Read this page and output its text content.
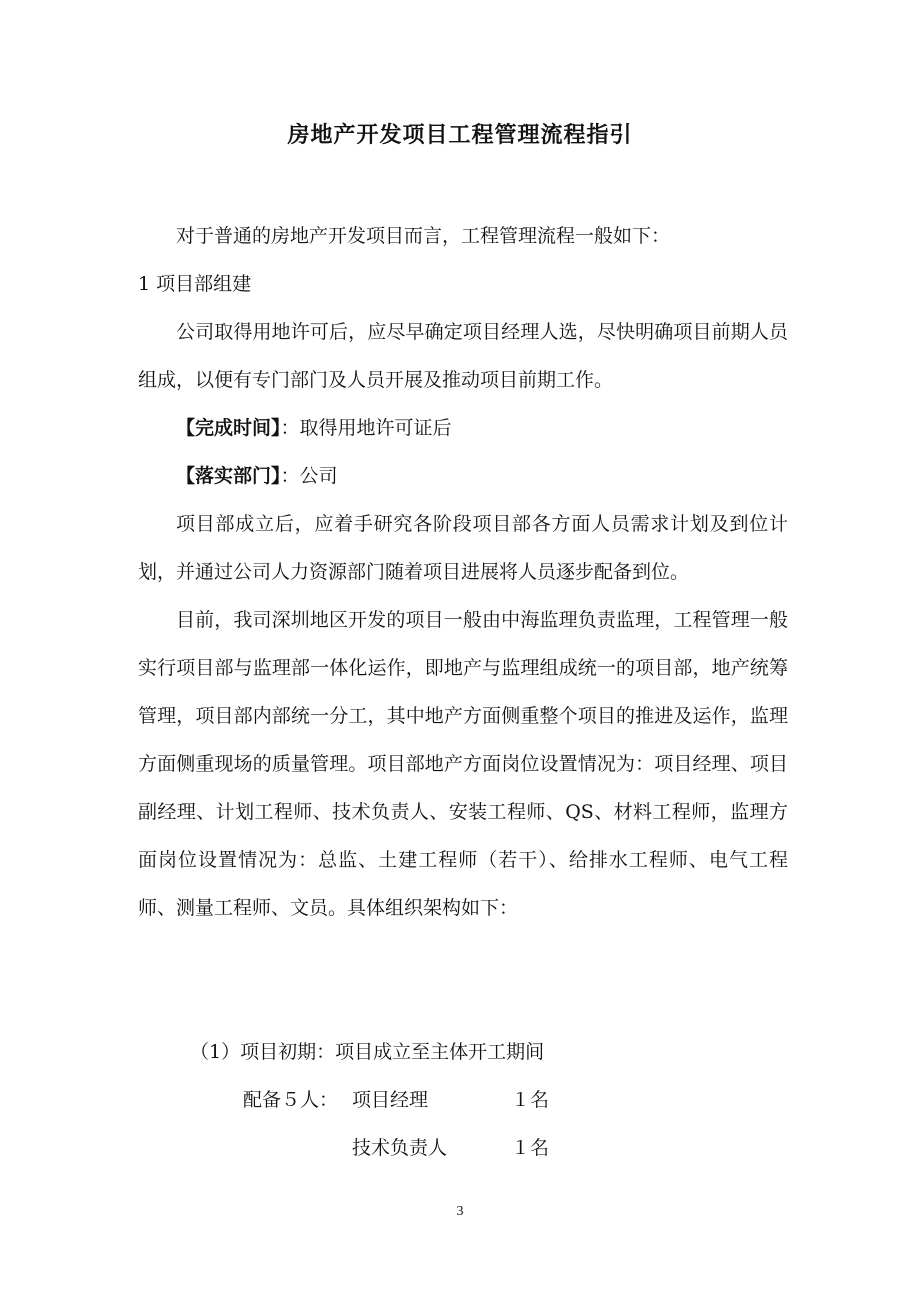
房地产开发项目工程管理流程指引

对于普通的房地产开发项目而言，工程管理流程一般如下：

1 项目部组建

公司取得用地许可后，应尽早确定项目经理人选，尽快明确项目前期人员组成，以便有专门部门及人员开展及推动项目前期工作。

【完成时间】：取得用地许可证后

【落实部门】：公司

项目部成立后，应着手研究各阶段项目部各方面人员需求计划及到位计划，并通过公司人力资源部门随着项目进展将人员逐步配备到位。

目前，我司深圳地区开发的项目一般由中海监理负责监理，工程管理一般实行项目部与监理部一体化运作，即地产与监理组成统一的项目部，地产统筹管理，项目部内部统一分工，其中地产方面侧重整个项目的推进及运作，监理方面侧重现场的质量管理。项目部地产方面岗位设置情况为：项目经理、项目副经理、计划工程师、技术负责人、安装工程师、QS、材料工程师，监理方面岗位设置情况为：总监、土建工程师（若干）、给排水工程师、电气工程师、测量工程师、文员。具体组织架构如下：

（1）项目初期：项目成立至主体开工期间
配备５人： 项目经理	１名
技术负责人	１名
3
